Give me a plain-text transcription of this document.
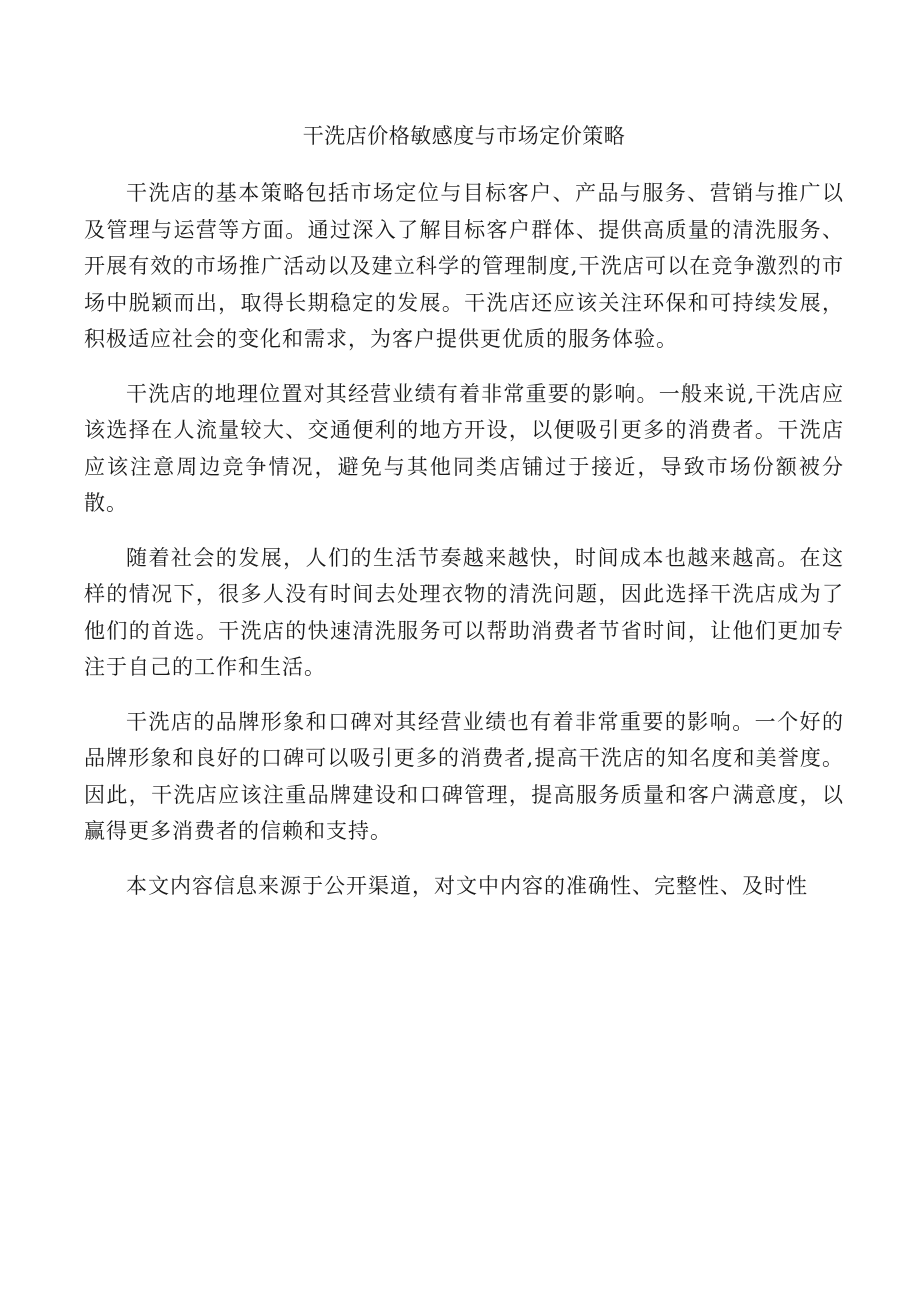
干洗店价格敏感度与市场定价策略

干洗店的基本策略包括市场定位与目标客户、产品与服务、营销与推广以及管理与运营等方面。通过深入了解目标客户群体、提供高质量的清洗服务、开展有效的市场推广活动以及建立科学的管理制度,干洗店可以在竞争激烈的市场中脱颖而出，取得长期稳定的发展。干洗店还应该关注环保和可持续发展，积极适应社会的变化和需求，为客户提供更优质的服务体验。

干洗店的地理位置对其经营业绩有着非常重要的影响。一般来说,干洗店应该选择在人流量较大、交通便利的地方开设，以便吸引更多的消费者。干洗店应该注意周边竞争情况，避免与其他同类店铺过于接近，导致市场份额被分散。

随着社会的发展，人们的生活节奏越来越快，时间成本也越来越高。在这样的情况下，很多人没有时间去处理衣物的清洗问题，因此选择干洗店成为了他们的首选。干洗店的快速清洗服务可以帮助消费者节省时间，让他们更加专注于自己的工作和生活。

干洗店的品牌形象和口碑对其经营业绩也有着非常重要的影响。一个好的品牌形象和良好的口碑可以吸引更多的消费者,提高干洗店的知名度和美誉度。因此，干洗店应该注重品牌建设和口碑管理，提高服务质量和客户满意度，以赢得更多消费者的信赖和支持。

本文内容信息来源于公开渠道，对文中内容的准确性、完整性、及时性
